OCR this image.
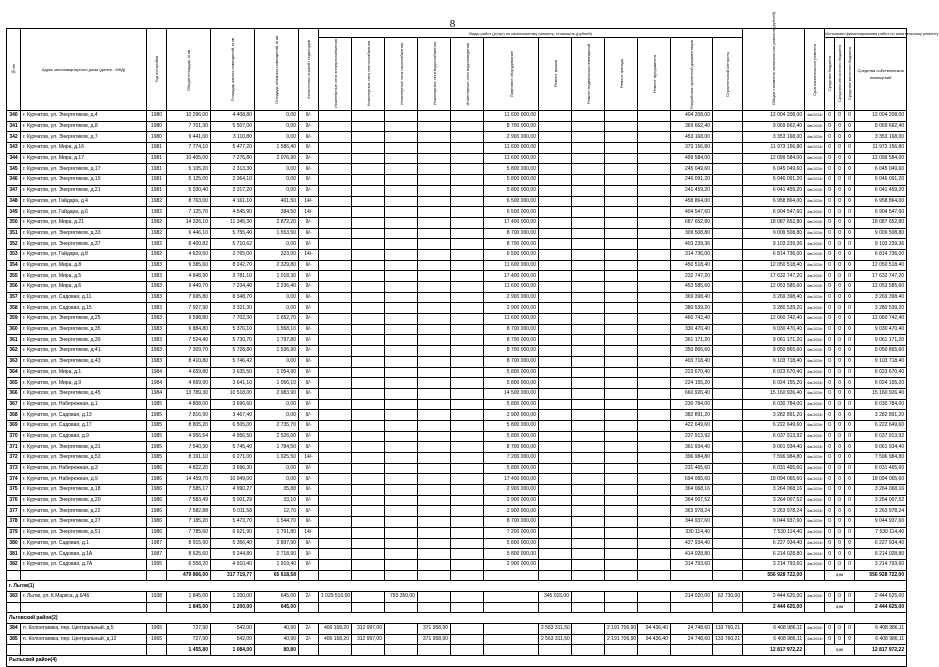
8
№п/п	Адрес многоквартирного дома (далее - МКД)	Год постройки	Общая площадь, м кв.	Площадь жилых помещений, м кв.	Площадь нежилых помещений, м кв.	Количество этажей / подъездов	Виды работ (услуг) по капитальному ремонту, стоимость (рублей)												Общая стоимость капитального ремонта (рублей)	Срок капитального ремонта	Источники финансирования работ по капитальному ремонту			

							Инженерные сети электроснабжения	Инженерные сети теплоснабжения	Инженерные сети газоснабжения	Инженерные сети водоснабжения	Инженерные сети водоотведения	Лифтовое оборудование	Ремонт крыши	Ремонт подвальных помещений	Ремонт фасада	Ремонт фундамента	Разработка проектной документации	Строительный контроль			Средства бюджета	Средства областного бюджета	Средства местного бюджета	Средства собственников помещений

340	г. Курчатов, ул. Энергетиков, д.4	1980	10 296,00	4 408,80	0,00	9/-						11 600 000,00					404 208,00		12 004 208,00	4кв.2024г	0	0	0	12 004 208,00
341	г. Курчатов, ул. Энергетиков, д.8	1980	7 701,30	5 507,00	0,00	9/-						8 700 000,00					369 662,40		9 069 662,40	4кв.2024г	0	0	0	9 069 662,40
342	г. Курчатов, ул. Энергетиков, д.7	1980	9 441,00	3 110,80	0,00	9/-						2 900 000,00					453 168,00		3 353 168,00	4кв.2024г	0	0	0	3 353 168,00
343	г. Курчатов, ул. Мира, д.16	1981	7 774,10	5 477,20	1 586,40	9/-						11 600 000,00					373 156,80		11 973 156,80	4кв.2024г	0	0	0	11 973 156,80
344	г. Курчатов, ул. Мира, д.17	1981	10 405,00	7 276,80	2 076,90	9/-						11 600 000,00					499 584,00		12 099 584,00	4кв.2024г	0	0	0	12 099 584,00
345	г. Курчатов, ул. Энергетиков, д.17	1981	5 105,20	2 313,30	0,00	9/-						5 800 000,00					245 049,60		6 045 049,60	4кв.2024г	0	0	0	6 045 049,60
346	г. Курчатов, ул. Энергетиков, д.19	1981	5 125,00	2 364,10	0,00	9/-						5 800 000,00					246 091,20		6 046 091,20	4кв.2024г	0	0	0	6 046 091,20
347	г. Курчатов, ул. Энергетиков, д.21	1981	5 030,40	2 317,20	0,00	9/-						5 800 000,00					241 459,20		6 041 459,20	4кв.2024г	0	0	0	6 041 459,20
348	г. Курчатов, ул. Гайдара, д.4	1982	8 763,00	4 161,10	401,50	14/-						6 500 000,00					458 864,00		6 958 864,00	4кв.2024г	0	0	0	6 958 864,00
349	г. Курчатов, ул. Гайдара, д.6	1982	7 125,70	4 545,90	384,50	14/-						6 500 000,00					404 547,60		6 904 547,60	4кв.2024г	0	0	0	6 904 547,60
350	г. Курчатов, ул. Мира, д.21	1982	14 326,10	11 345,30	2 872,20	9/-						17 400 000,00					687 652,80		18 087 652,80	4кв.2024г	0	0	0	18 087 652,80
351	г. Курчатов, ул. Энергетиков, д.33	1982	6 446,10	5 755,40	1 553,50	9/-						8 700 000,00					309 508,80		9 009 508,80	4кв.2024г	0	0	0	9 009 508,80
352	г. Курчатов, ул. Энергетиков, д.37	1982	8 400,82	5 710,62	0,00	9/-						8 700 000,00					403 239,36		9 103 239,36	4кв.2024г	0	0	0	9 103 239,36
353	г. Курчатов, ул. Гайдара, д.8	1982	4 629,50	2 765,00	323,00	14/-						6 500 000,00					314 736,00		6 814 736,00	4кв.2024г	0	0	0	6 814 736,00
354	г. Курчатов, ул. Мира, д.8	1983	9 385,60	8 242,70	2 329,80	9/-						11 600 000,00					450 518,40		12 050 518,40	4кв.2024г	0	0	0	12 050 518,40
355	г. Курчатов, ул. Мира, д.5	1983	4 848,90	3 781,10	1 018,30	9/-						17 400 000,00					232 747,20		17 632 747,20	4кв.2024г	0	0	0	17 632 747,20
356	г. Курчатов, ул. Мира, д.6	1983	9 449,70	7 234,40	2 236,40	9/-						11 600 000,00					453 585,60		12 053 585,60	4кв.2024г	0	0	0	12 053 585,60
357	г. Курчатов, ул. Садовая, д.11	1983	7 695,80	8 348,70	0,00	9/-						2 900 000,00					369 398,40		3 269 398,40	4кв.2024г	0	0	0	3 269 398,40
358	г. Курчатов, ул. Садовая, д.15	1983	7 927,90	3 321,30	0,00	9/-						2 900 000,00					380 539,20		3 280 539,20	4кв.2024г	0	0	0	3 280 539,20
359	г. Курчатов, ул. Энергетиков, д.25	1983	9 598,80	7 702,30	1 652,70	9/-						11 600 000,00					460 742,40		12 060 742,40	4кв.2024г	0	0	0	12 060 742,40
360	г. Курчатов, ул. Энергетиков, д.35	1983	6 884,80	5 376,10	1 558,10	9/-						8 700 000,00					330 470,40		9 030 470,40	4кв.2024г	0	0	0	9 030 470,40
361	г. Курчатов, ул. Энергетиков, д.39	1983	7 524,40	5 730,70	1 797,80	9/-						8 700 000,00					361 171,20		9 061 171,20	4кв.2024г	0	0	0	9 061 171,20
362	г. Курчатов, ул. Энергетиков, д.41	1983	7 309,70	5 728,80	1 536,90	9/-						8 700 000,00					350 865,60		9 050 865,60	4кв.2024г	0	0	0	9 050 865,60
363	г. Курчатов, ул. Энергетиков, д.43	1983	8 410,80	5 746,42	0,00	9/-						8 700 000,00					403 718,40		9 103 718,40	4кв.2024г	0	0	0	9 103 718,40
364	г. Курчатов, ул. Мира, д.1	1984	4 659,80	3 635,50	1 054,90	9/-						5 800 000,00					223 670,40		6 023 670,40	4кв.2024г	0	0	0	6 023 670,40
365	г. Курчатов, ул. Мира, д.9	1984	4 669,90	3 641,10	1 056,10	9/-						5 800 000,00					224 155,20		6 024 155,20	4кв.2024г	0	0	0	6 024 155,20
366	г. Курчатов, ул. Энергетиков, д.45	1984	13 789,30	10 518,00	2 983,90	9/-						14 500 000,00					660 926,40		15 160 926,40	4кв.2024г	0	0	0	15 160 926,40
367	г. Курчатов, ул. Набережная, д.1	1985	4 808,00	3 696,60	0,00	9/-						5 800 000,00					230 784,00		6 030 784,00	4кв.2024г	0	0	0	6 030 784,00
368	г. Курчатов, ул. Садовая, д.13	1985	7 816,90	3 467,40	0,00	9/-						2 900 000,00					382 891,20		3 282 891,20	4кв.2024г	0	0	0	3 282 891,20
369	г. Курчатов, ул. Садовая, д.17	1985	8 805,20	6 505,00	2 735,70	9/-						5 800 000,00					422 649,60		6 222 649,60	4кв.2024г	0	0	0	6 222 649,60
370	г. Курчатов, ул. Садовая, д.9	1985	4 956,54	4 956,50	2 526,00	9/-						5 800 000,00					237 913,92		6 037 913,92	4кв.2024г	0	0	0	6 037 913,92
371	г. Курчатов, ул. Энергетиков, д.31	1985	7 540,30	5 745,40	1 784,50	9/-						8 700 000,00					361 934,40		9 061 934,40	4кв.2024г	0	0	0	9 061 934,40
372	г. Курчатов, ул. Энергетиков, д.53	1985	8 191,10	6 271,00	1 925,50	14/-						7 200 000,00					396 984,80		7 596 984,80	4кв.2024г	0	0	0	7 596 984,80
373	г. Курчатов, ул. Набережная, д.3	1986	4 822,20	3 696,30	0,00	9/-						5 800 000,00					231 465,60		6 031 465,60	4кв.2024г	0	0	0	6 031 465,60
374	г. Курчатов, ул. Набережная, д.9	1986	14 459,70	10 949,00	0,00	9/-						17 400 000,00					694 065,60		18 094 065,60	4кв.2024г	0	0	0	18 094 065,60
375	г. Курчатов, ул. Энергетиков, д.18	1986	7 585,17	4 990,27	35,88	9/-						2 900 000,00					364 068,16		3 264 068,16	4кв.2024г	0	0	0	3 264 068,16
376	г. Курчатов, ул. Энергетиков, д.20	1986	7 583,49	5 001,29	33,10	9/-						2 900 000,00					364 007,52		3 264 007,52	4кв.2024г	0	0	0	3 264 007,52
377	г. Курчатов, ул. Энергетиков, д.22	1986	7 582,88	5 011,58	12,70	9/-						2 900 000,00					363 978,24		3 263 978,24	4кв.2024г	0	0	0	3 263 978,24
378	г. Курчатов, ул. Энергетиков, д.27	1986	7 185,20	5 473,70	1 544,70	9/-						8 700 000,00					344 937,60		9 044 937,60	4кв.2024г	0	0	0	9 044 937,60
379	г. Курчатов, ул. Энергетиков, д.51	1986	7 785,60	6 621,90	1 791,80	14/-						7 200 000,00					330 114,40		7 530 114,40	4кв.2024г	0	0	0	7 530 114,40
380	г. Курчатов, ул. Садовая, д.1	1987	8 915,90	5 356,40	2 897,90	9/-						5 800 000,00					427 934,40		6 227 934,40	4кв.2024г	0	0	0	6 227 934,40
381	г. Курчатов, ул. Садовая, д.1А	1987	8 625,60	5 244,80	2 718,90	9/-						5 800 000,00					414 028,80		6 214 028,80	4кв.2024г	0	0	0	6 214 028,80
382	г. Курчатов, ул. Садовая, д.7А	1995	6 558,20	4 910,40	1 919,40	9/-						2 900 000,00					314 793,60		3 214 793,60	4кв.2024г	0	0	0	3 214 793,60
			479 866,00	317 719,77	65 618,58														556 928 722,00		0,00			556 928 722,00
г. Льгов(1)																								
383	г. Льгов, ул. К.Маркса, д.6/46	1938	1 845,00	1 200,00	645,00	2/-	1 029 510,00		793 350,00				345 015,00				214 020,00	62 730,00	2 444 625,00	4кв.2024г	0	0	0	2 444 625,00
			1 845,00	1 200,00	645,00														2 444 625,00		0,00			2 444 625,00
Льговский район(2)																								
384	п. Колонтаевка, пер. Центральный, д.5	1965	727,90	542,00	40,90	2/-	406 168,20	312 997,00		371 958,90			2 563 311,50		2 191 706,90	94 436,40	24 748,60	133 760,21	6 408 986,11	4кв.2024г	0	0	0	6 408 986,11
385	п. Колонтаевка, пер. Центральный, д.12	1965	727,90	542,00	40,90	2/-	406 168,20	312 997,00		371 958,90			2 563 311,50		2 191 706,90	94 436,40	24 748,60	133 760,21	6 408 986,11	4кв.2024г	0	0	0	6 408 986,11
			1 455,80	1 084,00	80,80														12 817 972,22		0,00			12 817 972,22
Рыльский район(4)																								
